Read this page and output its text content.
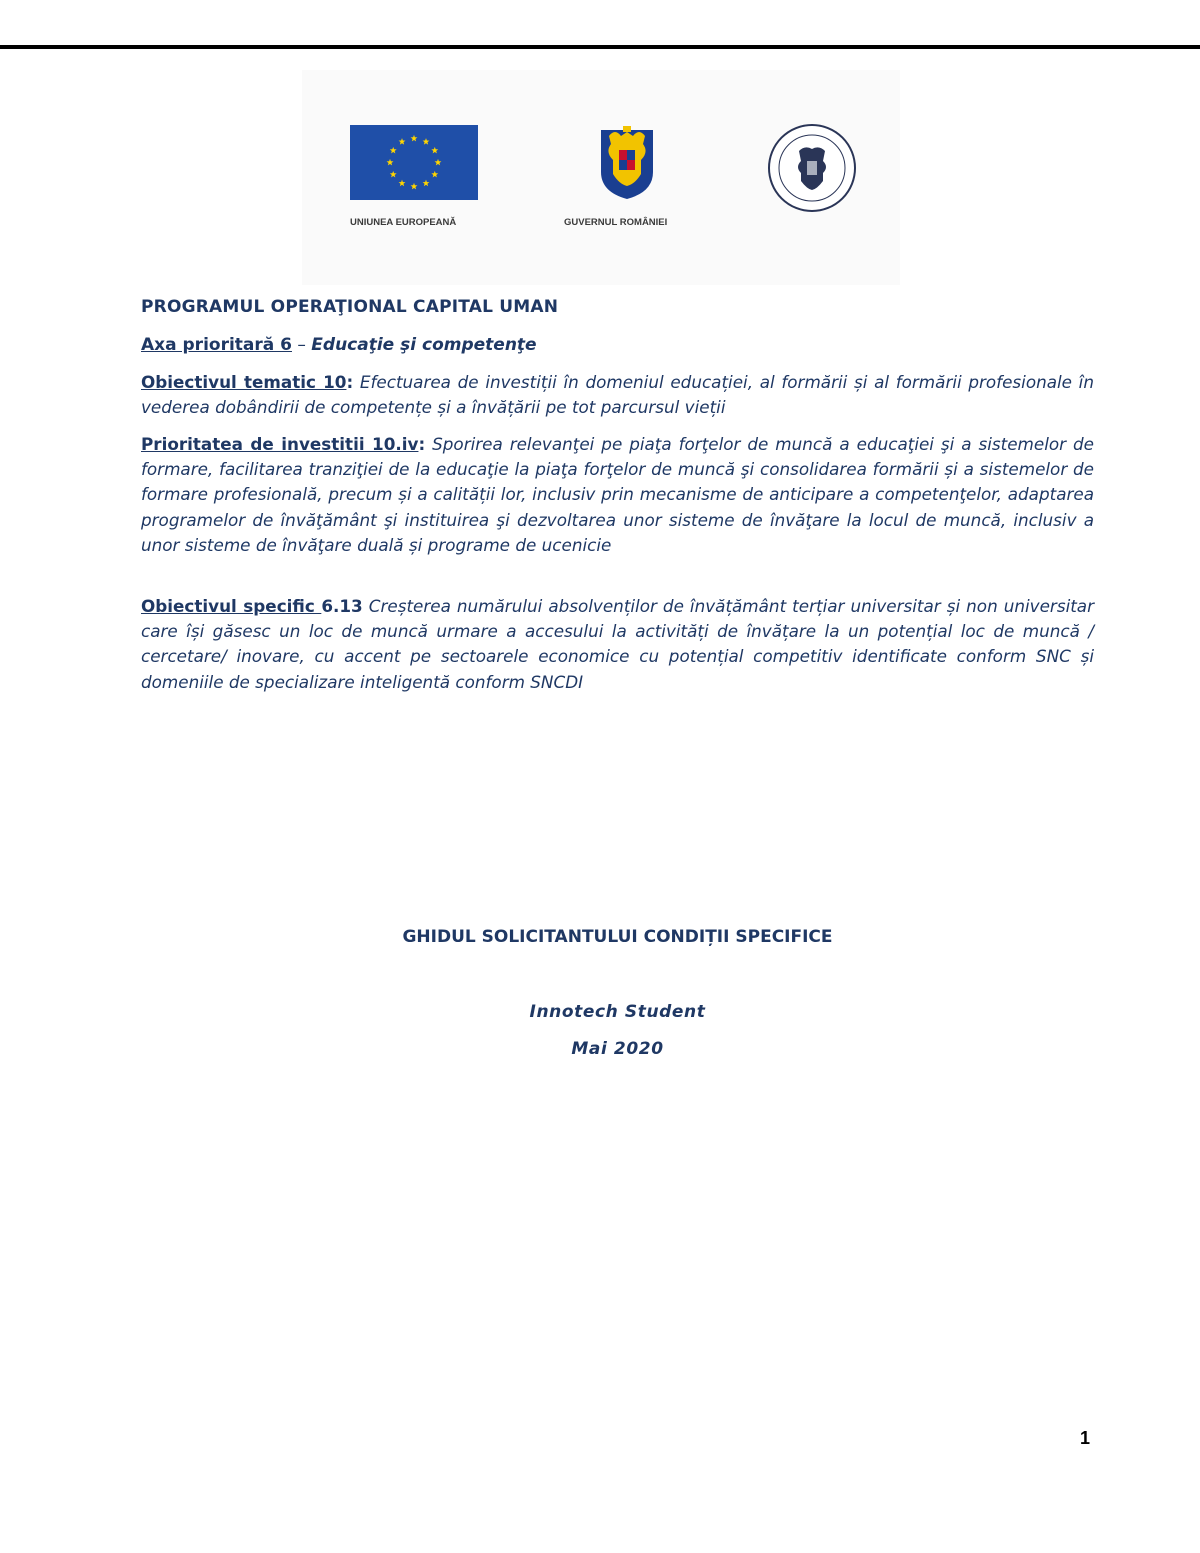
UNIUNEA EUROPEANĂ	GUVERNUL ROMÂNIEI
PROGRAMUL OPERAŢIONAL CAPITAL UMAN
Axa prioritară 6 – Educaţie şi competenţe
Obiectivul tematic 10: Efectuarea de investiții în domeniul educației, al formării și al formării profesionale în vederea dobândirii de competențe și a învățării pe tot parcursul vieții
Prioritatea de investitii 10.iv: Sporirea relevanţei pe piaţa forţelor de muncă a educaţiei şi a sistemelor de formare, facilitarea tranziţiei de la educaţie la piaţa forţelor de muncă şi consolidarea formării și a sistemelor de formare profesională, precum și a calității lor, inclusiv prin mecanisme de anticipare a competenţelor, adaptarea programelor de învăţământ şi instituirea şi dezvoltarea unor sisteme de învăţare la locul de muncă, inclusiv a unor sisteme de învăţare duală și programe de ucenicie
Obiectivul specific 6.13 Creșterea numărului absolvenților de învățământ terțiar universitar și non universitar care își găsesc un loc de muncă urmare a accesului la activități de învățare la un potențial loc de muncă / cercetare/ inovare, cu accent pe sectoarele economice cu potențial competitiv identificate conform SNC și domeniile de specializare inteligentă conform SNCDI
GHIDUL SOLICITANTULUI CONDIȚII SPECIFICE
Innotech Student
Mai 2020
1
